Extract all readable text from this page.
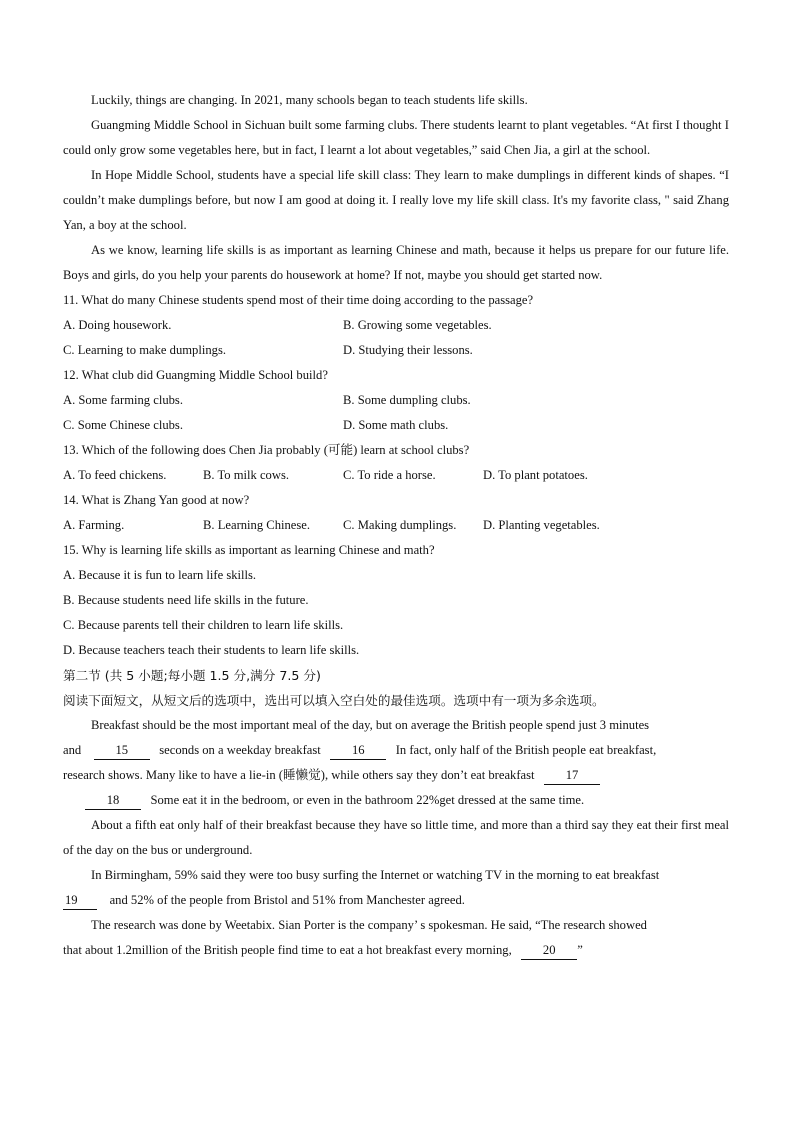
Luckily, things are changing. In 2021, many schools began to teach students life skills.

Guangming Middle School in Sichuan built some farming clubs. There students learnt to plant vegetables. “At first I thought I could only grow some vegetables here, but in fact, I learnt a lot about vegetables,” said Chen Jia, a girl at the school.

In Hope Middle School, students have a special life skill class: They learn to make dumplings in different kinds of shapes. “I couldn’t make dumplings before, but now I am good at doing it. I really love my life skill class. It's my favorite class, " said Zhang Yan, a boy at the school.

As we know, learning life skills is as important as learning Chinese and math, because it helps us prepare for our future life. Boys and girls, do you help your parents do housework at home? If not, maybe you should get started now.

11. What do many Chinese students spend most of their time doing according to the passage?

A. Doing housework.	B. Growing some vegetables.
C. Learning to make dumplings.	D. Studying their lessons.

12. What club did Guangming Middle School build?

A. Some farming clubs.	B. Some dumpling clubs.
C. Some Chinese clubs.	D. Some math clubs.

13. Which of the following does Chen Jia probably (可能) learn at school clubs?

A. To feed chickens.	B. To milk cows.	C. To ride a horse.	D. To plant potatoes.

14. What is Zhang Yan good at now?

A. Farming.	B. Learning Chinese.	C. Making dumplings.	D. Planting vegetables.

15. Why is learning life skills as important as learning Chinese and math?

A. Because it is fun to learn life skills.

B. Because students need life skills in the future.

C. Because parents tell their children to learn life skills.

D. Because teachers teach their students to learn life skills.

第二节 (共 5 小题;每小题 1.5 分,满分 7.5 分)

阅读下面短文，从短文后的选项中，选出可以填入空白处的最佳选项。选项中有一项为多余选项。

Breakfast should be the most important meal of the day, but on average the British people spend just 3 minutes

and	15 seconds on a weekday breakfast 16 In fact, only half of the British people eat breakfast,

research shows. Many like to have a lie-in (睡懒觉), while others say they don’t eat breakfast 17

18 Some eat it in the bedroom, or even in the bathroom 22%get dressed at the same time.

About a fifth eat only half of their breakfast because they have so little time, and more than a third say they eat their first meal of the day on the bus or underground.

In Birmingham, 59% said they were too busy surfing the Internet or watching TV in the morning to eat breakfast

19	and 52% of the people from Bristol and 51% from Manchester agreed.

The research was done by Weetabix. Sian Porter is the company’ s spokesman. He said, “The research showed

that about 1.2million of the British people find time to eat a hot breakfast every morning, 20 ”
